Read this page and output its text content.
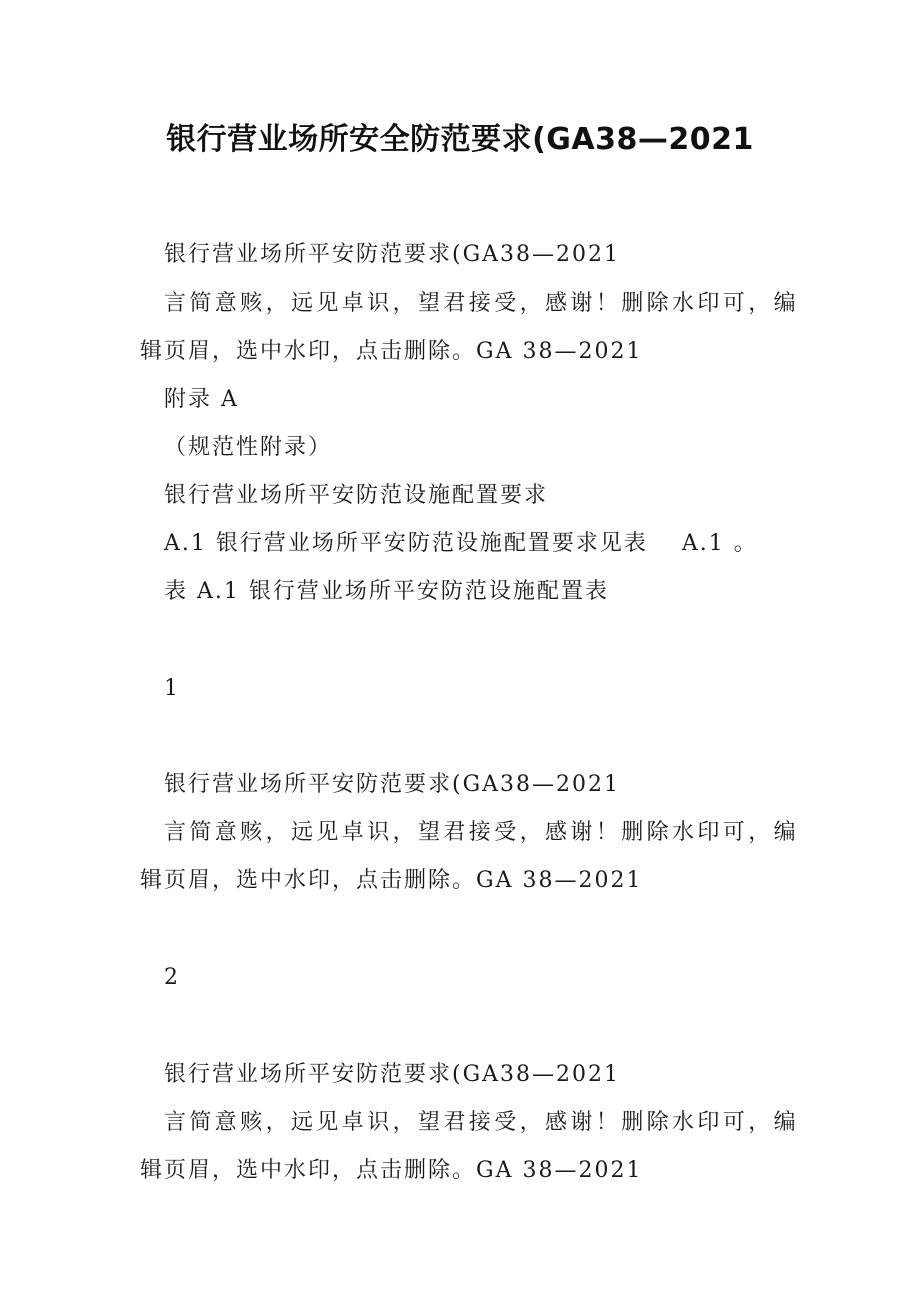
银行营业场所安全防范要求(GA38—2021
银行营业场所平安防范要求(GA38—2021
言简意赅，远见卓识，望君接受，感谢！删除水印可，编
辑页眉，选中水印，点击删除。GA 38—2021
附录 A
（规范性附录）
银行营业场所平安防范设施配置要求
A.1 银行营业场所平安防范设施配置要求见表 A.1 。
表 A.1 银行营业场所平安防范设施配置表
1
银行营业场所平安防范要求(GA38—2021
言简意赅，远见卓识，望君接受，感谢！删除水印可，编
辑页眉，选中水印，点击删除。GA 38—2021
2
银行营业场所平安防范要求(GA38—2021
言简意赅，远见卓识，望君接受，感谢！删除水印可，编
辑页眉，选中水印，点击删除。GA 38—2021
